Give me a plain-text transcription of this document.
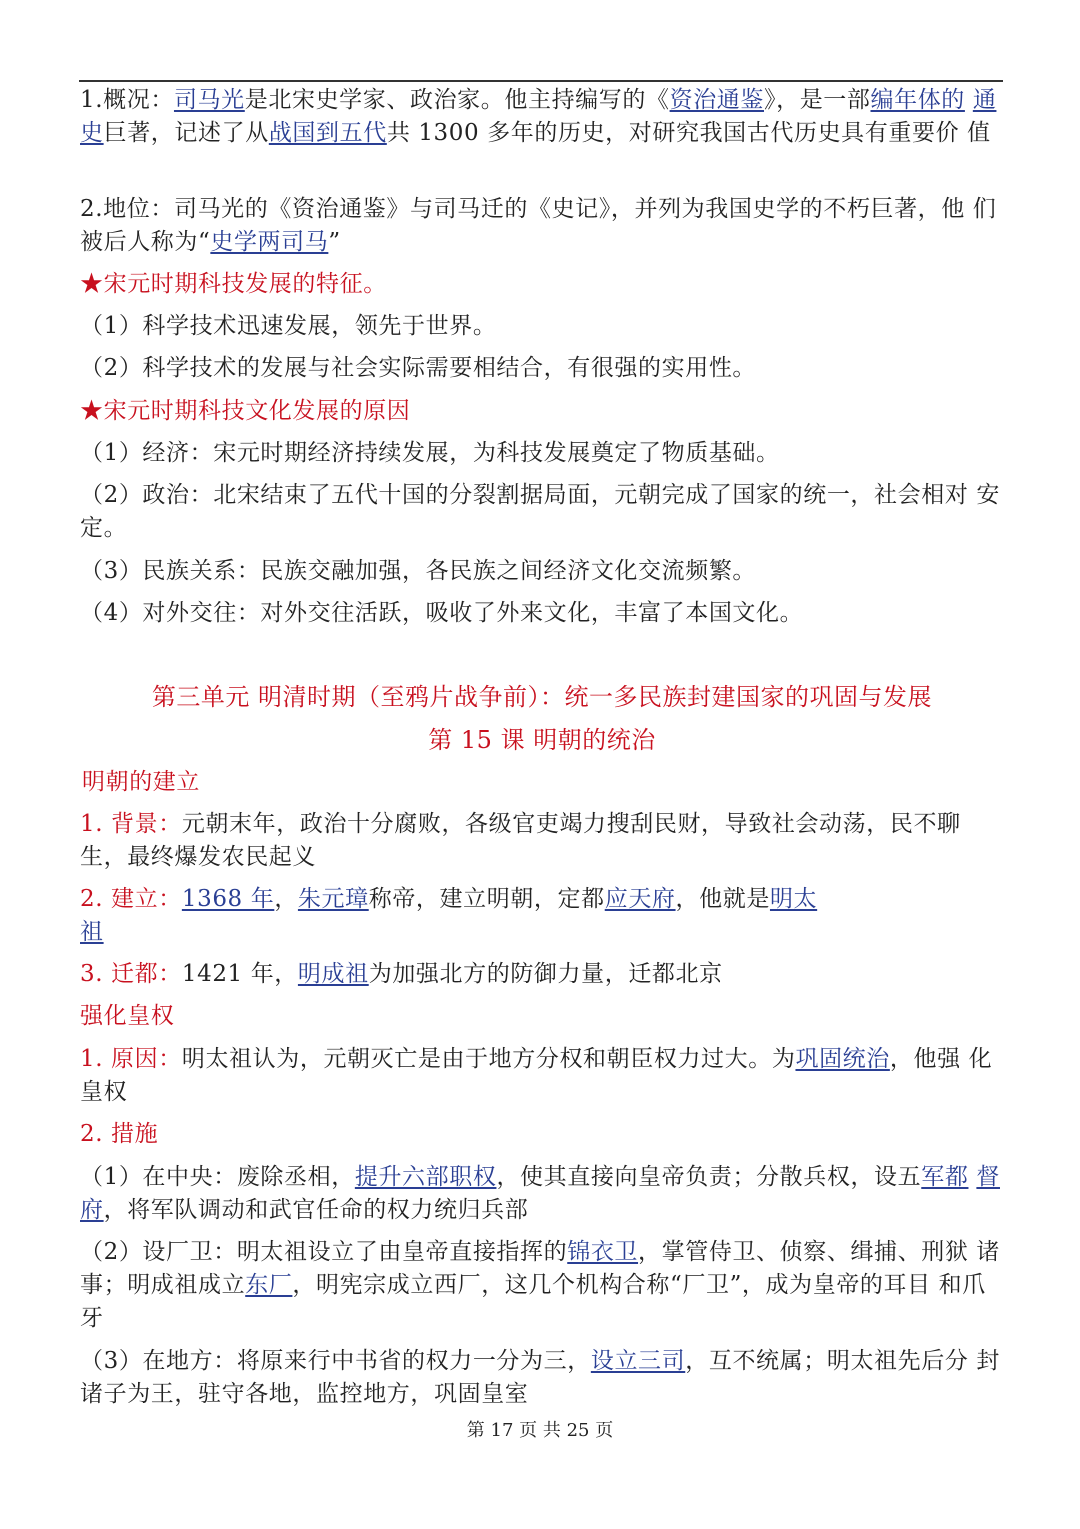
1.概况：司马光是北宋史学家、政治家。他主持编写的《资治通鉴》，是一部编年体的 通史巨著，记述了从战国到五代共 1300 多年的历史，对研究我国古代历史具有重要价 值

2.地位：司马光的《资治通鉴》与司马迁的《史记》，并列为我国史学的不朽巨著，他 们被后人称为“史学两司马”

★宋元时期科技发展的特征。

（1）科学技术迅速发展，领先于世界。

（2）科学技术的发展与社会实际需要相结合，有很强的实用性。

★宋元时期科技文化发展的原因

（1）经济：宋元时期经济持续发展，为科技发展奠定了物质基础。

（2）政治：北宋结束了五代十国的分裂割据局面，元朝完成了国家的统一，社会相对 安定。

（3）民族关系：民族交融加强，各民族之间经济文化交流频繁。

（4）对外交往：对外交往活跃，吸收了外来文化，丰富了本国文化。

第三单元 明清时期（至鸦片战争前）：统一多民族封建国家的巩固与发展

第 15 课 明朝的统治

明朝的建立

1. 背景：元朝末年，政治十分腐败，各级官吏竭力搜刮民财，导致社会动荡，民不聊 生，最终爆发农民起义

2. 建立：1368 年，朱元璋称帝，建立明朝，定都应天府，他就是明太
祖

3. 迁都：1421 年，明成祖为加强北方的防御力量，迁都北京

强化皇权

1. 原因：明太祖认为，元朝灭亡是由于地方分权和朝臣权力过大。为巩固统治，他强 化皇权

2. 措施

（1）在中央：废除丞相，提升六部职权，使其直接向皇帝负责；分散兵权，设五军都 督府，将军队调动和武官任命的权力统归兵部

（2）设厂卫：明太祖设立了由皇帝直接指挥的锦衣卫，掌管侍卫、侦察、缉捕、刑狱 诸事；明成祖成立东厂，明宪宗成立西厂，这几个机构合称“厂卫”，成为皇帝的耳目 和爪牙

（3）在地方：将原来行中书省的权力一分为三，设立三司，互不统属；明太祖先后分 封诸子为王，驻守各地，监控地方，巩固皇室

第 17 页 共 25 页
